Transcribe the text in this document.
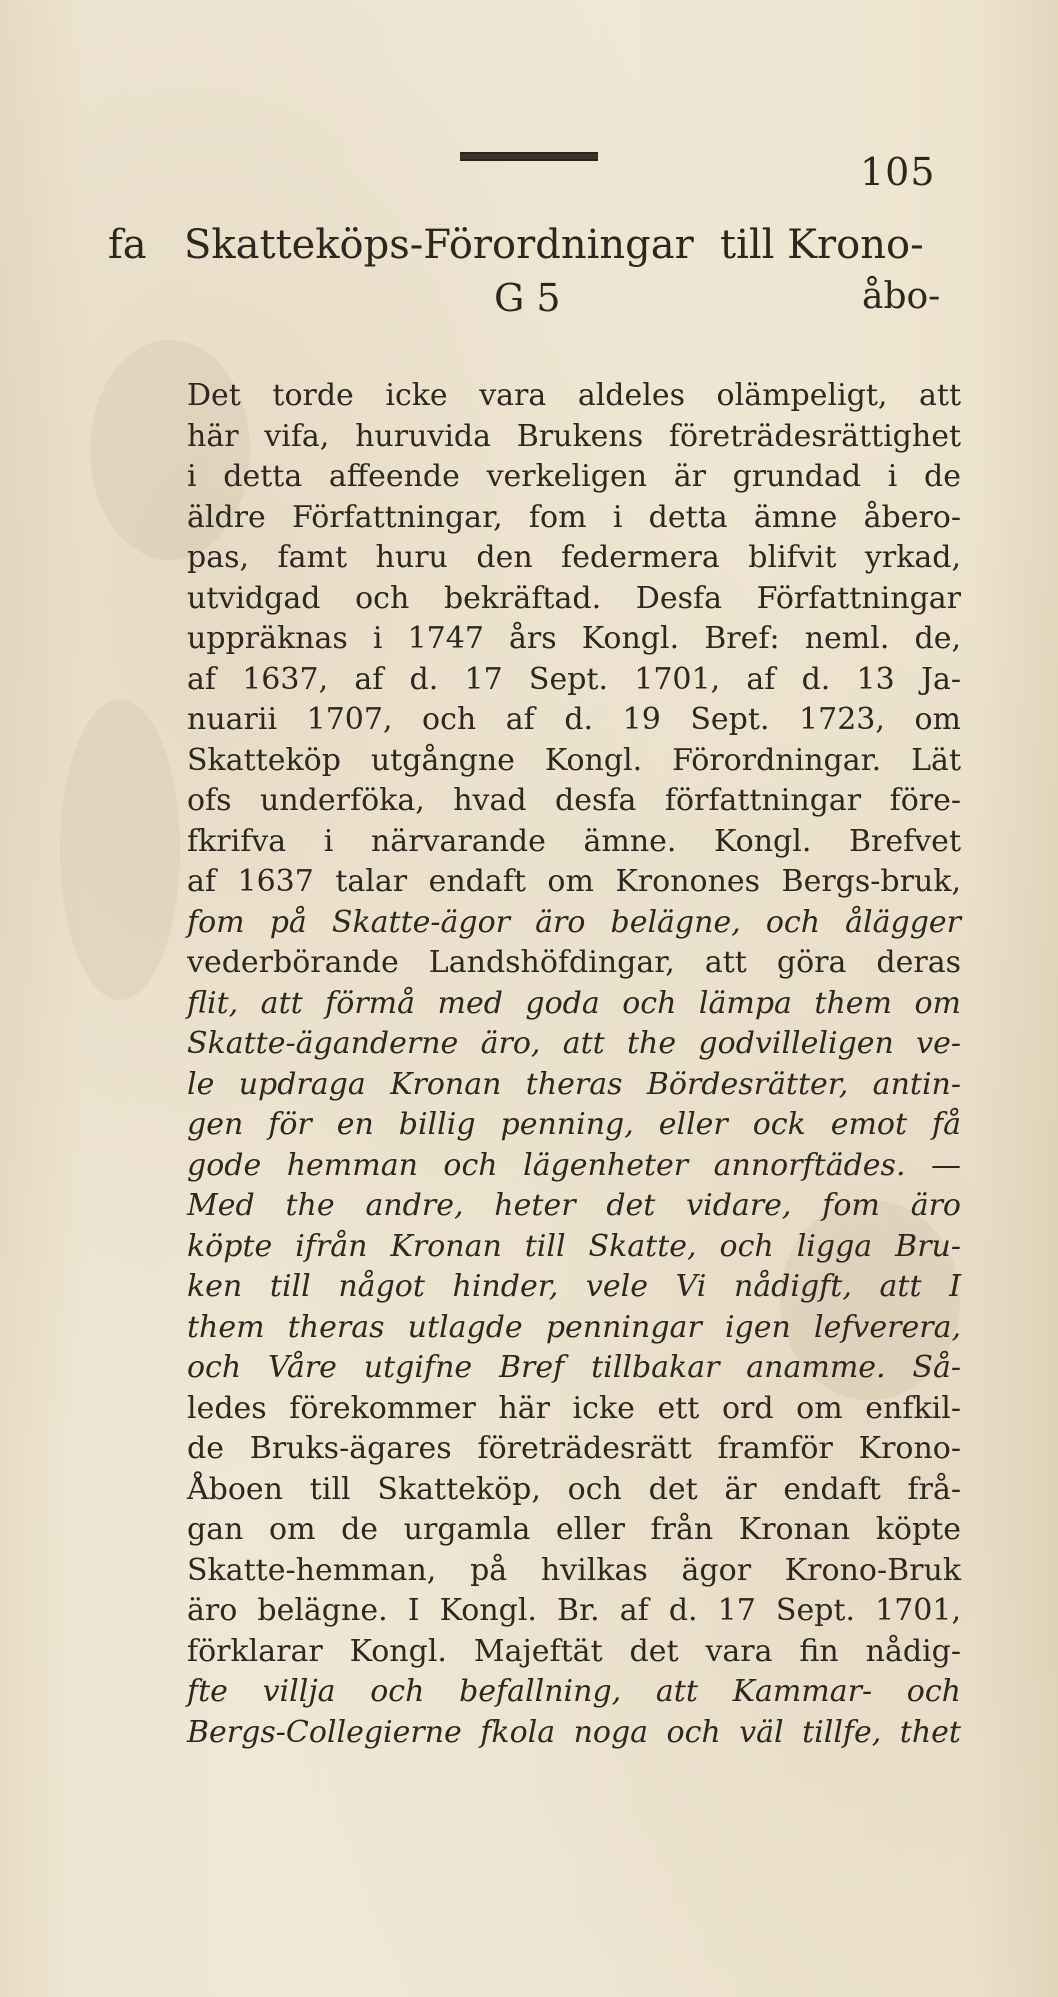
105
fa Skatteköps-Förordningar till Krono-
G 5	åbo-
Det torde icke vara aldeles olämpeligt, att
här vifa, huruvida Brukens företrädesrättighet
i detta affeende verkeligen är grundad i de
äldre Författningar, fom i detta ämne åbero-
pas, famt huru den federmera blifvit yrkad,
utvidgad och bekräftad. Desfa Författningar
uppräknas i 1747 års Kongl. Bref: neml. de,
af 1637, af d. 17 Sept. 1701, af d. 13 Ja-
nuarii 1707, och af d. 19 Sept. 1723, om
Skatteköp utgångne Kongl. Förordningar. Lät
ofs underföka, hvad desfa författningar före-
fkrifva i närvarande ämne. Kongl. Brefvet
af 1637 talar endaft om Kronones Bergs-bruk,
fom på Skatte-ägor äro belägne, och ålägger
vederbörande Landshöfdingar, att göra deras
flit, att förmå med goda och lämpa them om
Skatte-äganderne äro, att the godvilleligen ve-
le updraga Kronan theras Bördesrätter, antin-
gen för en billig penning, eller ock emot få
gode hemman och lägenheter annorftädes. —
Med the andre, heter det vidare, fom äro
köpte ifrån Kronan till Skatte, och ligga Bru-
ken till något hinder, vele Vi nådigft, att I
them theras utlagde penningar igen lefverera,
och Våre utgifne Bref tillbakar anamme. Så-
ledes förekommer här icke ett ord om enfkil-
de Bruks-ägares företrädesrätt framför Krono-
Åboen till Skatteköp, och det är endaft frå-
gan om de urgamla eller från Kronan köpte
Skatte-hemman, på hvilkas ägor Krono-Bruk
äro belägne. I Kongl. Br. af d. 17 Sept. 1701,
förklarar Kongl. Majeftät det vara fin nådig-
fte villja och befallning, att Kammar- och
Bergs-Collegierne fkola noga och väl tillfe, thet
